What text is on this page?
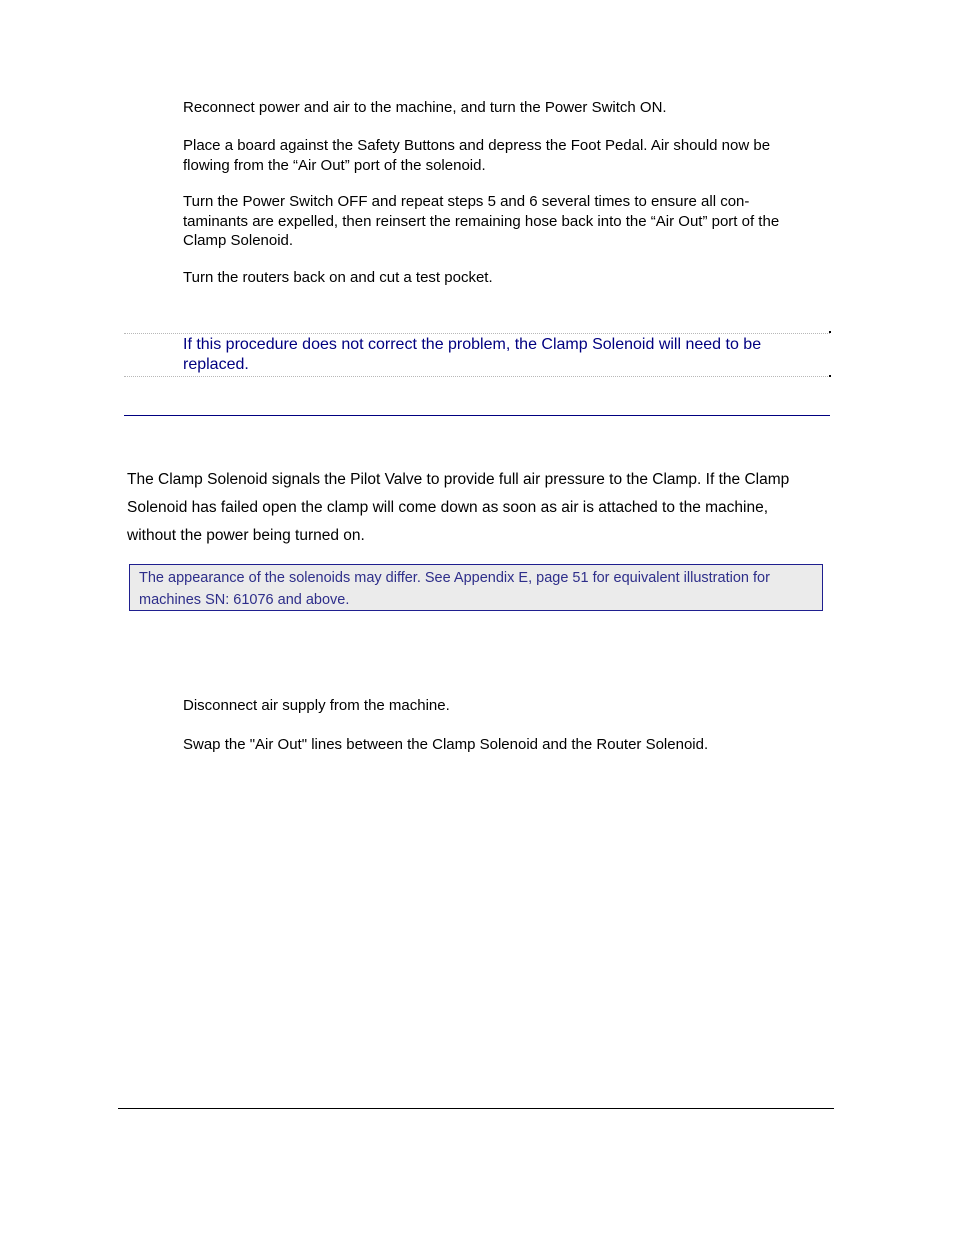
Reconnect power and air to the machine, and turn the Power Switch ON.

Place a board against the Safety Buttons and depress the Foot Pedal. Air should now be flowing from the “Air Out” port of the solenoid.

Turn the Power Switch OFF and repeat steps 5 and 6 several times to ensure all con-taminants are expelled, then reinsert the remaining hose back into the “Air Out” port of the Clamp Solenoid.

Turn the routers back on and cut a test pocket.

If this procedure does not correct the problem, the Clamp Solenoid will need to be replaced.

The Clamp Solenoid signals the Pilot Valve to provide full air pressure to the Clamp. If the Clamp Solenoid has failed open the clamp will come down as soon as air is attached to the machine, without the power being turned on.

The appearance of the solenoids may differ. See Appendix E, page 51 for equivalent illustration for machines SN: 61076 and above.

Disconnect air supply from the machine.

Swap the "Air Out" lines between the Clamp Solenoid and the Router Solenoid.
